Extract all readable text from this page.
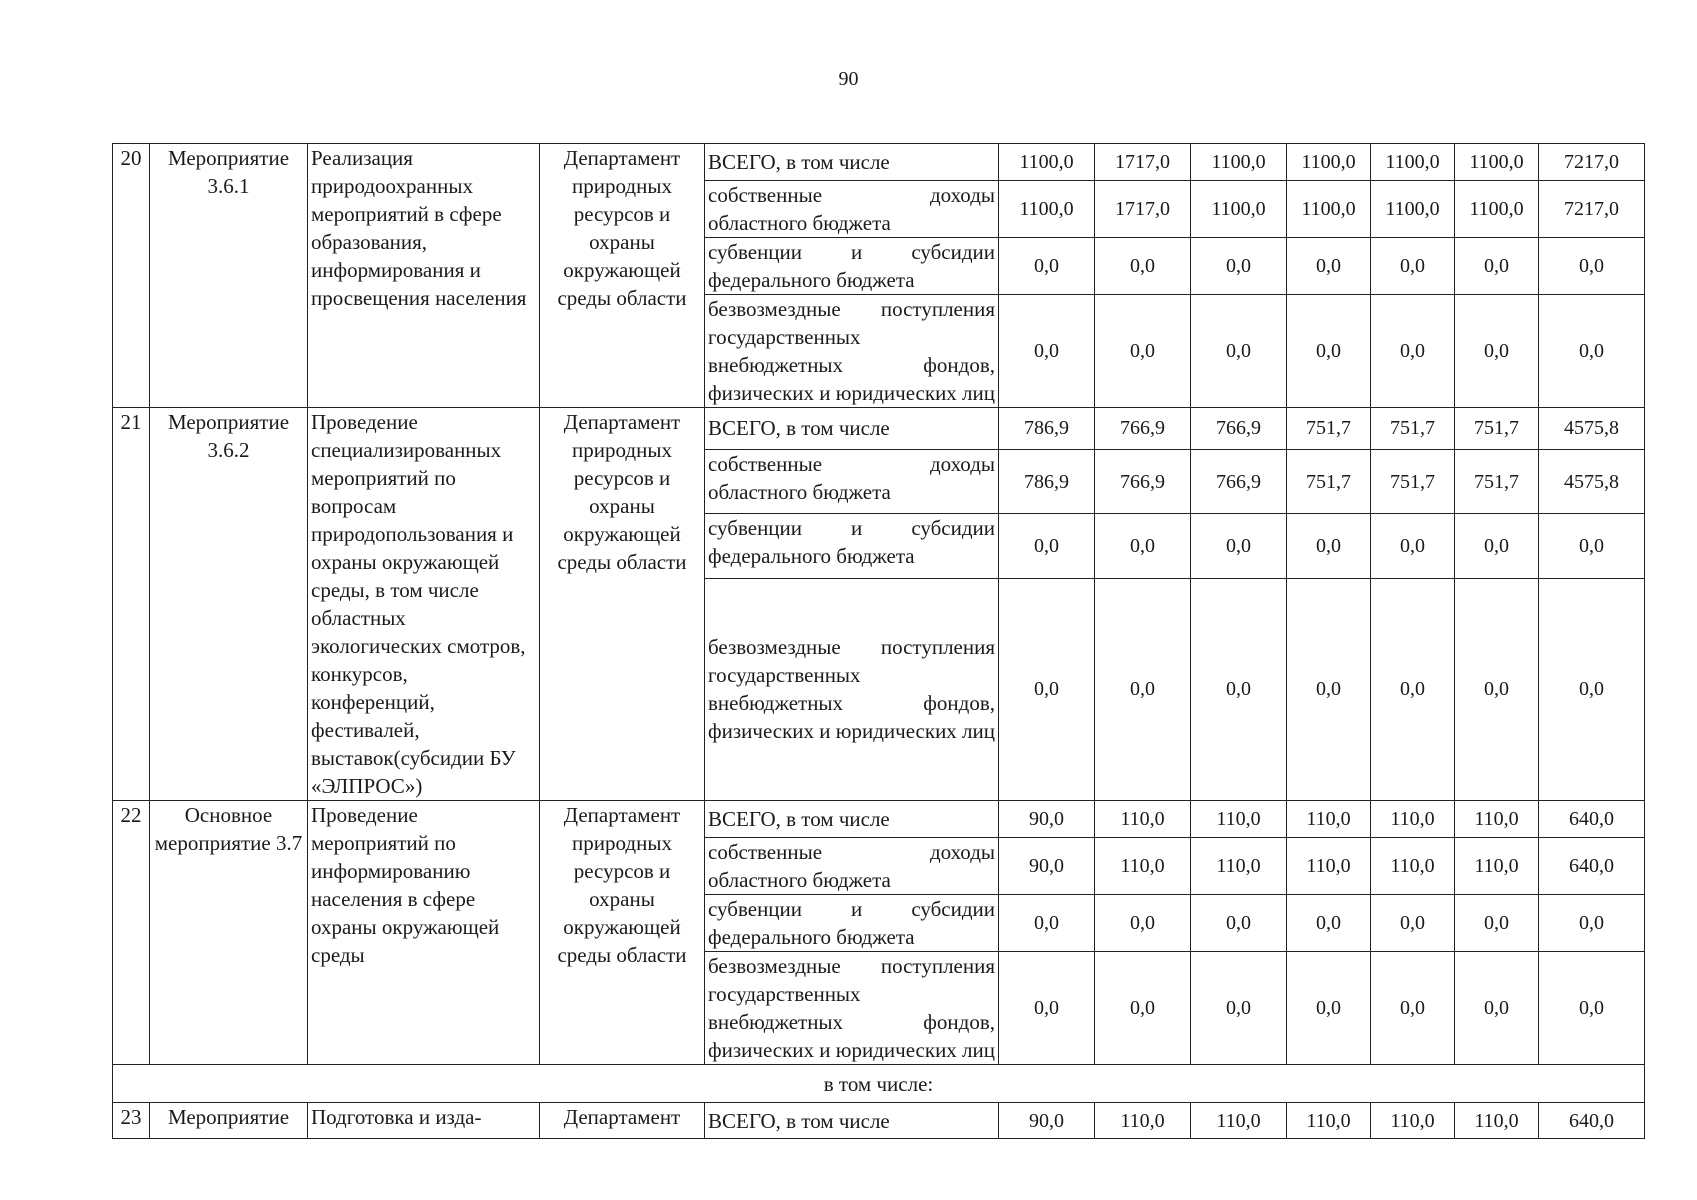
90
20	Мероприятие 3.6.1	Реализация природоохранных мероприятий в сфере образования, информирования и просвещения населения	Департамент природных ресурсов и охраны окружающей среды области	ВСЕГО, в том числе	1100,0	1717,0	1100,0	1100,0	1100,0	1100,0	7217,0
				собственные доходы областного бюджета	1100,0	1717,0	1100,0	1100,0	1100,0	1100,0	7217,0
				субвенции и субсидии федерального бюджета	0,0	0,0	0,0	0,0	0,0	0,0	0,0
				безвозмездные поступления государственных внебюджетных фондов, физических и юридических лиц	0,0	0,0	0,0	0,0	0,0	0,0	0,0
21	Мероприятие 3.6.2	Проведение специализированных мероприятий по вопросам природопользования и охраны окружающей среды, в том числе областных экологических смотров, конкурсов, конференций, фестивалей, выставок(субсидии БУ «ЭЛПРОС»)	Департамент природных ресурсов и охраны окружающей среды области	ВСЕГО, в том числе	786,9	766,9	766,9	751,7	751,7	751,7	4575,8
				собственные доходы областного бюджета	786,9	766,9	766,9	751,7	751,7	751,7	4575,8
				субвенции и субсидии федерального бюджета	0,0	0,0	0,0	0,0	0,0	0,0	0,0
				безвозмездные поступления государственных внебюджетных фондов, физических и юридических лиц	0,0	0,0	0,0	0,0	0,0	0,0	0,0
22	Основное мероприятие 3.7	Проведение мероприятий по информированию населения в сфере охраны окружающей среды	Департамент природных ресурсов и охраны окружающей среды области	ВСЕГО, в том числе	90,0	110,0	110,0	110,0	110,0	110,0	640,0
				собственные доходы областного бюджета	90,0	110,0	110,0	110,0	110,0	110,0	640,0
				субвенции и субсидии федерального бюджета	0,0	0,0	0,0	0,0	0,0	0,0	0,0
				безвозмездные поступления государственных внебюджетных фондов, физических и юридических лиц	0,0	0,0	0,0	0,0	0,0	0,0	0,0
в том числе:											
23	Мероприятие	Подготовка и изда-	Департамент	ВСЕГО, в том числе	90,0	110,0	110,0	110,0	110,0	110,0	640,0
